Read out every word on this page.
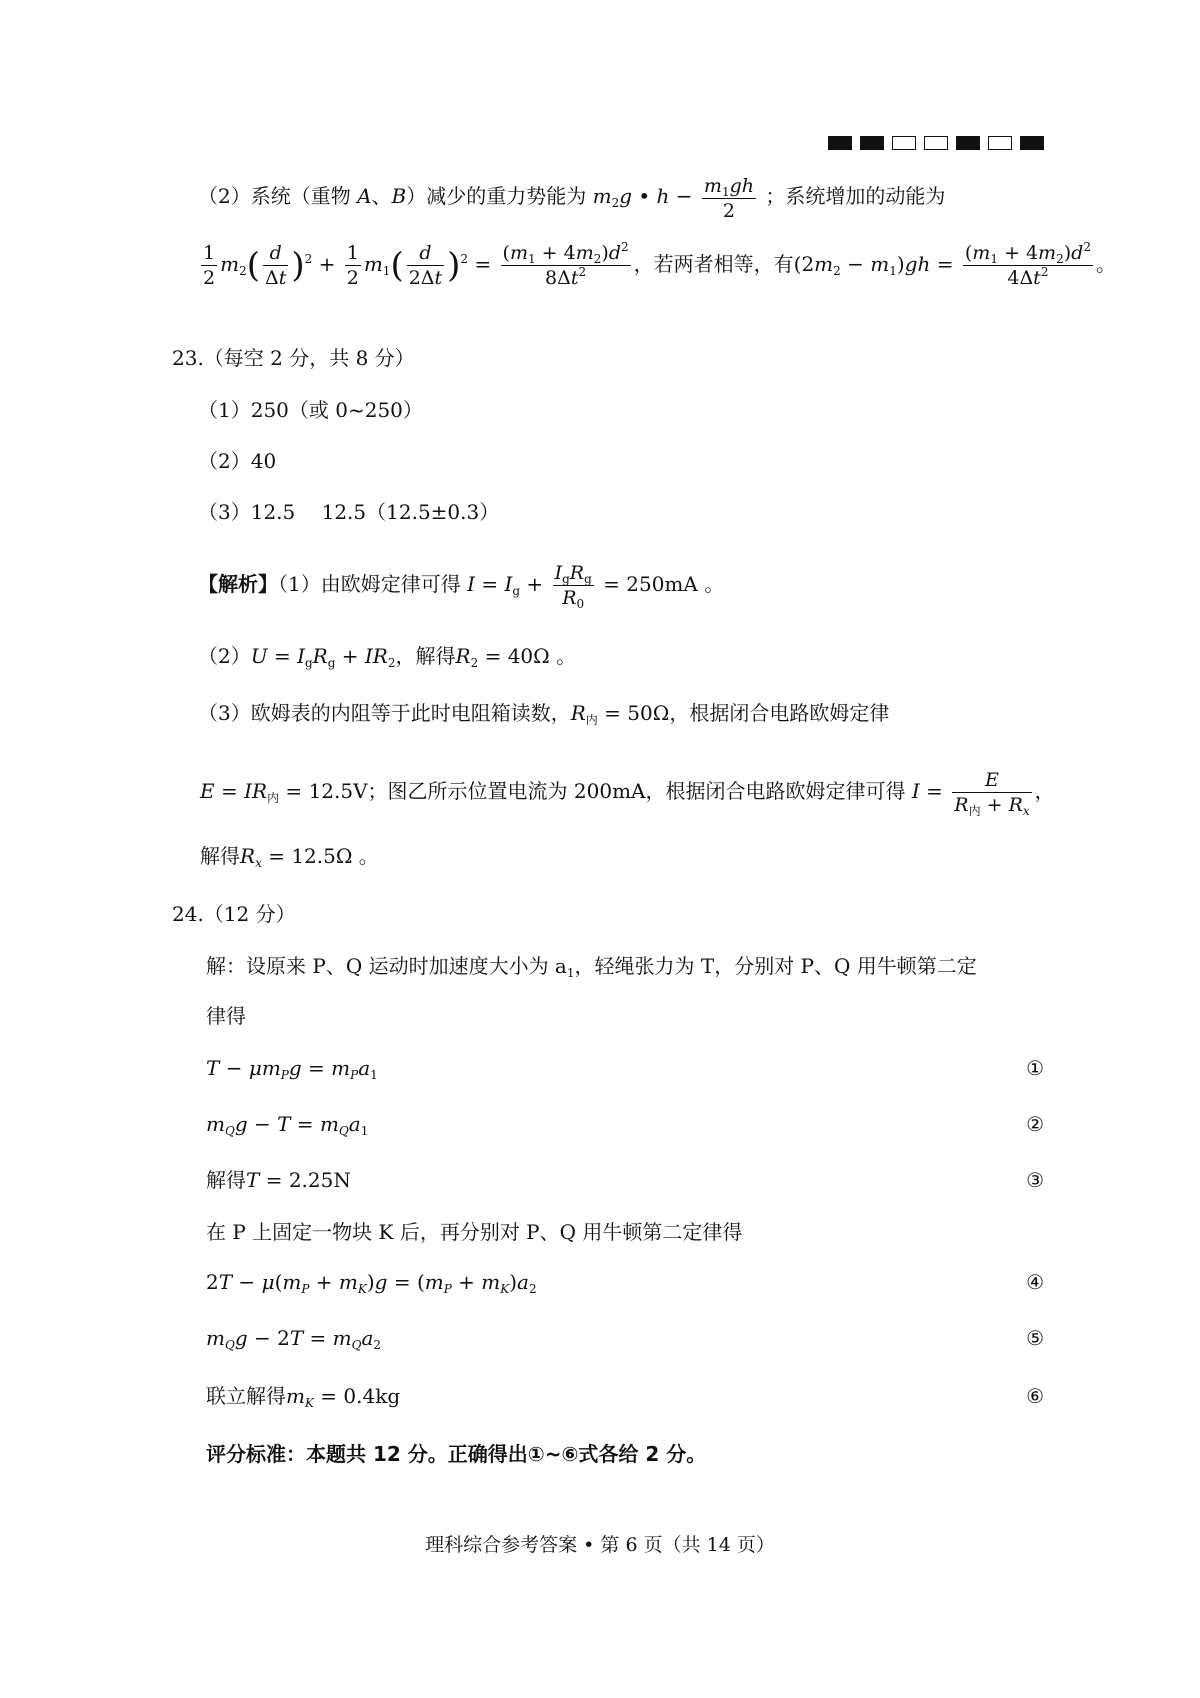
（2）系统（重物 A、B）减少的重力势能为 $m_2g$ • $h - \frac{m_1gh}{2}$ ；系统增加的动能为
$\frac{1}{2} m_2( \frac{d}{\Delta t} )^2 + \frac{1}{2} m_1( \frac{d}{2\Delta t} )^2 = \frac{(m_1 + 4m_2)d^2}{8\Delta t^2}$ ，若两者相等，有$(2m_2 - m_1)gh = \frac{(m_1 + 4m_2)d^2}{4\Delta t^2}$ 。
23.（每空 2 分，共 8 分）
（1）250（或 0~250）
（2）40
（3）12.5　 12.5（12.5±0.3）
【解析】（1）由欧姆定律可得 $I = I_g + \frac{I_gR_g}{R_0} = 250mA$ 。
$(2)U = I_gR_g + IR_2$，解得$R_2 = 40\Omega$ 。
（3）欧姆表的内阻等于此时电阻箱读数，$R_内 = 50\Omega$，根据闭合电路欧姆定律
$E = IR_内 = 12.5V$；图乙所示位置电流为 200mA，根据闭合电路欧姆定律可得 $I = \frac{E}{R_内 + R_x}$ ，
解得$R_x = 12.5\Omega$ 。
24.（12 分）
解：设原来 P、Q 运动时加速度大小为 $a_1$，轻绳张力为 T，分别对 P、Q 用牛顿第二定
律得
$T - \mu m_Pg = m_Pa_1$	①
$m_Qg - T = m_Qa_1$	②
解得T = 2.25N	③
在 P 上固定一物块 K 后，再分别对 P、Q 用牛顿第二定律得
$2T - \mu(m_P + m_K)g = (m_P + m_K)a_2$	④
$m_Qg - 2T = m_Qa_2$	⑤
联立解得$m_K = 0.4kg$	⑥
评分标准：本题共 12 分。正确得出①~⑥式各给 2 分。
理科综合参考答案 • 第 6 页（共 14 页）
